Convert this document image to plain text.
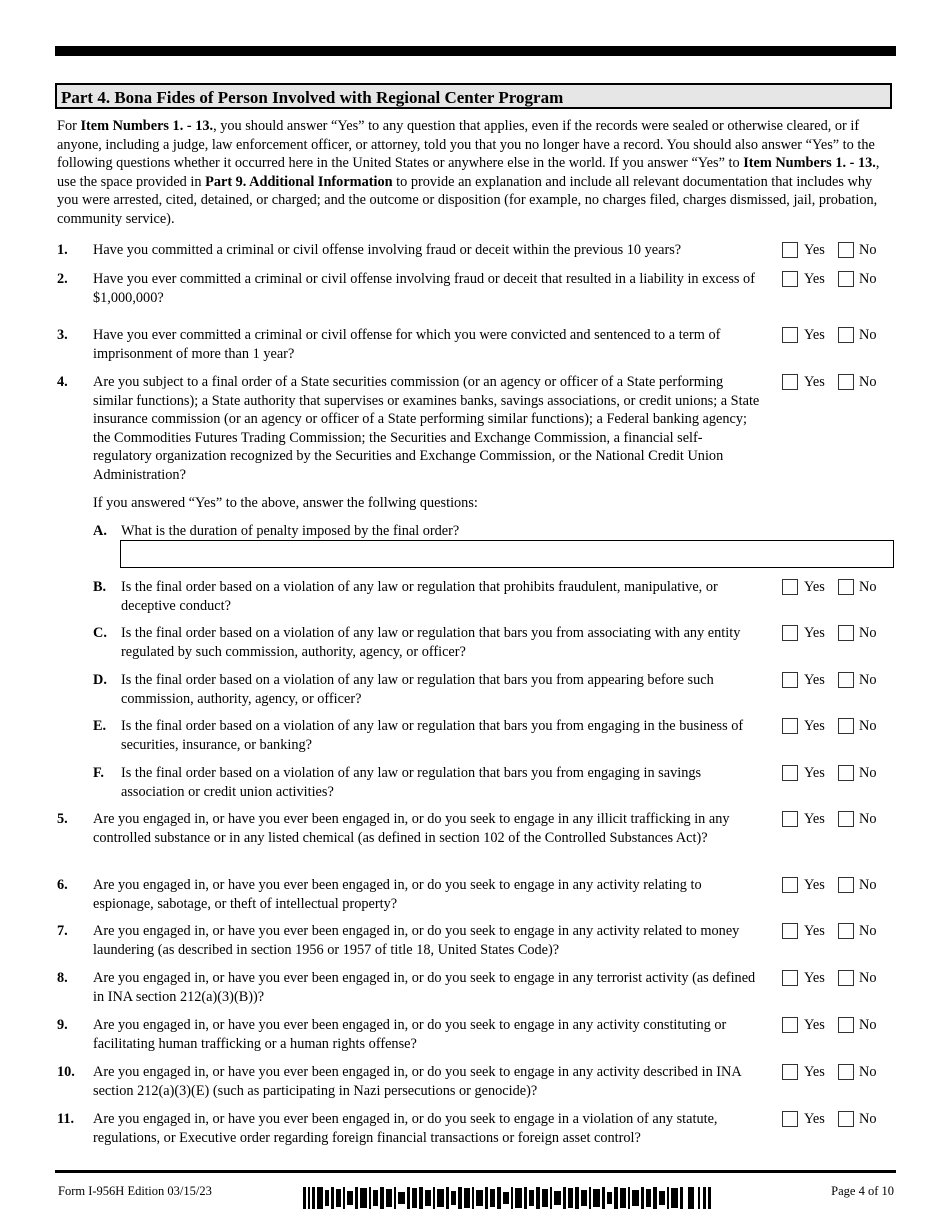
Part 4. Bona Fides of Person Involved with Regional Center Program
For Item Numbers 1. - 13., you should answer “Yes” to any question that applies, even if the records were sealed or otherwise cleared, or if anyone, including a judge, law enforcement officer, or attorney, told you that you no longer have a record. You should also answer “Yes” to the following questions whether it occurred here in the United States or anywhere else in the world. If you answer “Yes” to Item Numbers 1. - 13., use the space provided in Part 9. Additional Information to provide an explanation and include all relevant documentation that includes why you were arrested, cited, detained, or charged; and the outcome or disposition (for example, no charges filed, charges dismissed, jail, probation, community service).
1. Have you committed a criminal or civil offense involving fraud or deceit within the previous 10 years?	Yes No
2. Have you ever committed a criminal or civil offense involving fraud or deceit that resulted in a liability in excess of $1,000,000?
Yes No
3. Have you ever committed a criminal or civil offense for which you were convicted and sentenced to a term of imprisonment of more than 1 year?
Yes No
4. Are you subject to a final order of a State securities commission (or an agency or officer of a State performing similar functions); a State authority that supervises or examines banks, savings associations, or credit unions; a State insurance commission (or an agency or officer of a State performing similar functions); a Federal banking agency; the Commodities Futures Trading Commission; the Securities and Exchange Commission, a financial self-regulatory organization recognized by the Securities and Exchange Commission, or the National Credit Union Administration?
Yes No
If you answered “Yes” to the above, answer the follwing questions:
A. What is the duration of penalty imposed by the final order?
B. Is the final order based on a violation of any law or regulation that prohibits fraudulent, manipulative, or deceptive conduct?
Yes No
C. Is the final order based on a violation of any law or regulation that bars you from associating with any entity regulated by such commission, authority, agency, or officer?
Yes No
D. Is the final order based on a violation of any law or regulation that bars you from appearing before such commission, authority, agency, or officer?
Yes No
E. Is the final order based on a violation of any law or regulation that bars you from engaging in the business of securities, insurance, or banking?
Yes No
F. Is the final order based on a violation of any law or regulation that bars you from engaging in savings association or credit union activities?
Yes No
5. Are you engaged in, or have you ever been engaged in, or do you seek to engage in any illicit trafficking in any controlled substance or in any listed chemical (as defined in section 102 of the Controlled Substances Act)?
Yes No
6. Are you engaged in, or have you ever been engaged in, or do you seek to engage in any activity relating to espionage, sabotage, or theft of intellectual property?
Yes No
7. Are you engaged in, or have you ever been engaged in, or do you seek to engage in any activity related to money laundering (as described in section 1956 or 1957 of title 18, United States Code)?
Yes No
8. Are you engaged in, or have you ever been engaged in, or do you seek to engage in any terrorist activity (as defined in INA section 212(a)(3)(B))?
Yes No
9. Are you engaged in, or have you ever been engaged in, or do you seek to engage in any activity constituting or facilitating human trafficking or a human rights offense?
Yes No
10. Are you engaged in, or have you ever been engaged in, or do you seek to engage in any activity described in INA section 212(a)(3)(E) (such as participating in Nazi persecutions or genocide)?
Yes No
11. Are you engaged in, or have you ever been engaged in, or do you seek to engage in a violation of any statute, regulations, or Executive order regarding foreign financial transactions or foreign asset control?
Yes No
Form I-956H Edition 03/15/23	Page 4 of 10
